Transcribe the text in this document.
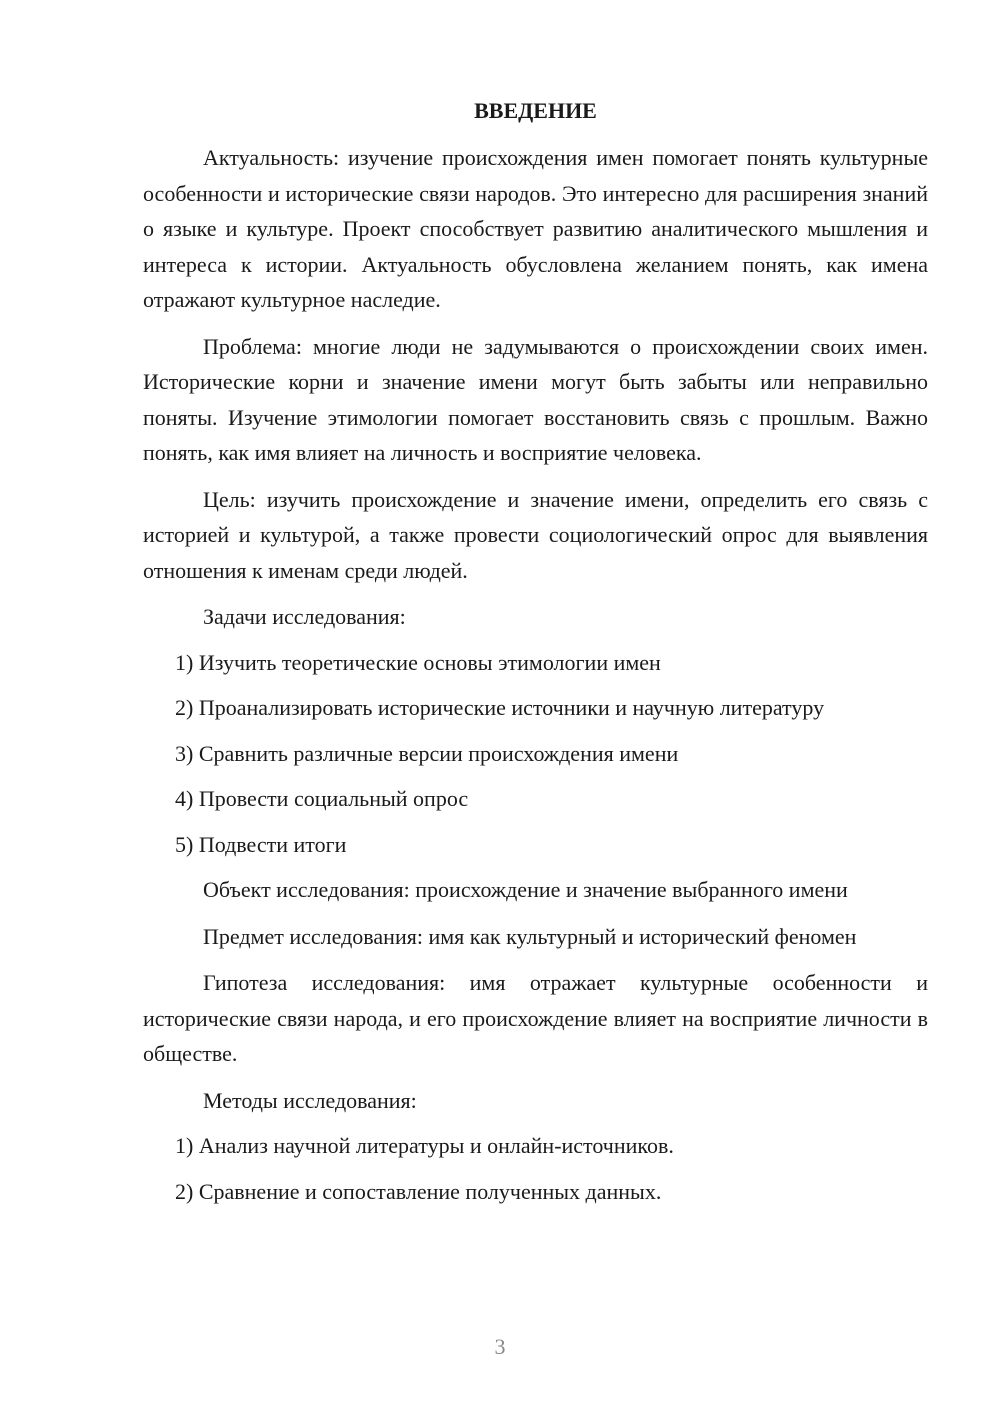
ВВЕДЕНИЕ

Актуальность: изучение происхождения имен помогает понять культурные особенности и исторические связи народов. Это интересно для расширения знаний о языке и культуре. Проект способствует развитию аналитического мышления и интереса к истории. Актуальность обусловлена желанием понять, как имена отражают культурное наследие.

Проблема: многие люди не задумываются о происхождении своих имен. Исторические корни и значение имени могут быть забыты или неправильно поняты. Изучение этимологии помогает восстановить связь с прошлым. Важно понять, как имя влияет на личность и восприятие человека.

Цель: изучить происхождение и значение имени, определить его связь с историей и культурой, а также провести социологический опрос для выявления отношения к именам среди людей.

Задачи исследования:

1) Изучить теоретические основы этимологии имен

2) Проанализировать исторические источники и научную литературу

3) Сравнить различные версии происхождения имени

4) Провести социальный опрос

5) Подвести итоги

Объект исследования: происхождение и значение выбранного имени

Предмет исследования: имя как культурный и исторический феномен

Гипотеза исследования: имя отражает культурные особенности и исторические связи народа, и его происхождение влияет на восприятие личности в обществе.

Методы исследования:

1) Анализ научной литературы и онлайн-источников.

2) Сравнение и сопоставление полученных данных.

3
